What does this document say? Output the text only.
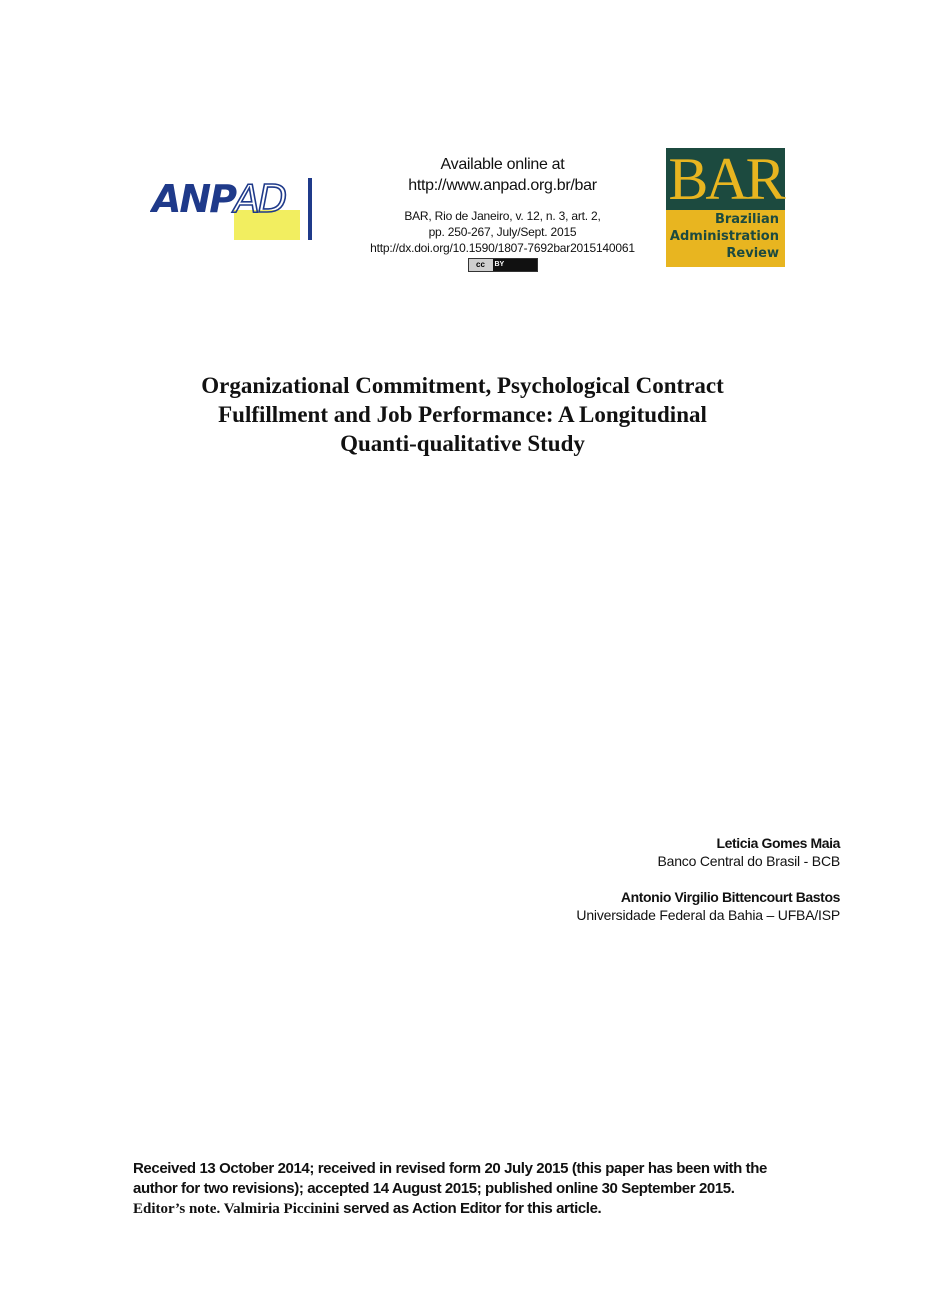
ANP
AD
Available online at
http://www.anpad.org.br/bar
BAR, Rio de Janeiro, v. 12, n. 3, art. 2,
pp. 250-267, July/Sept. 2015
http://dx.doi.org/10.1590/1807-7692bar2015140061
cc	BY
BAR
Brazilian
Administration
Review
Organizational Commitment, Psychological Contract
Fulfillment and Job Performance: A Longitudinal
Quanti-qualitative Study
Leticia Gomes Maia
Banco Central do Brasil - BCB
Antonio Virgilio Bittencourt Bastos
Universidade Federal da Bahia – UFBA/ISP
Received 13 October 2014; received in revised form 20 July 2015 (this paper has been with the
author for two revisions); accepted 14 August 2015; published online 30 September 2015.
Editor’s note. Valmiria Piccinini served as Action Editor for this article.
